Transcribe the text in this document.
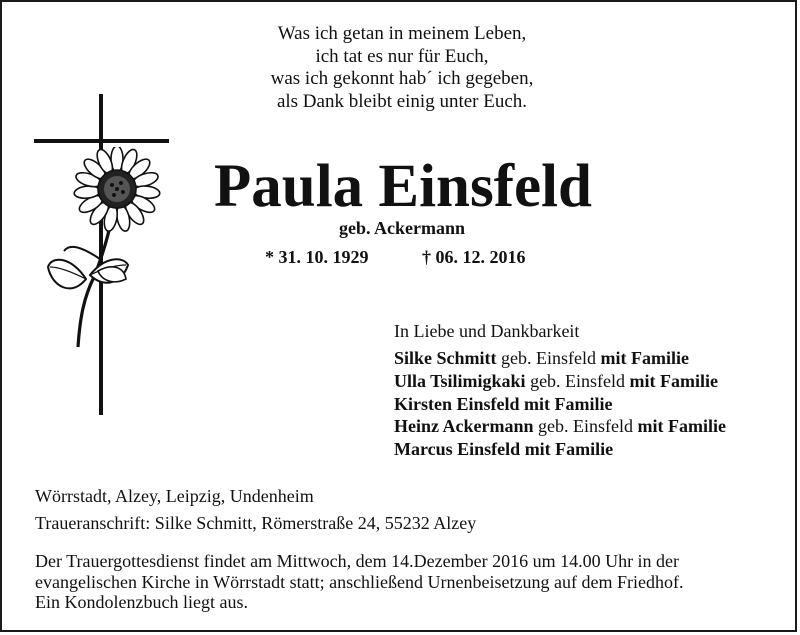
Was ich getan in meinem Leben,
ich tat es nur für Euch,
was ich gekonnt hab´ ich gegeben,
als Dank bleibt einig unter Euch.
Paula Einsfeld
geb. Ackermann
* 31. 10. 1929	† 06. 12. 2016
In Liebe und Dankbarkeit
Silke Schmitt geb. Einsfeld mit Familie
Ulla Tsilimigkaki geb. Einsfeld mit Familie
Kirsten Einsfeld mit Familie
Heinz Ackermann geb. Einsfeld mit Familie
Marcus Einsfeld mit Familie
Wörrstadt, Alzey, Leipzig, Undenheim
Traueranschrift: Silke Schmitt, Römerstraße 24, 55232 Alzey
Der Trauergottesdienst findet am Mittwoch, dem 14.Dezember 2016 um 14.00 Uhr in der
evangelischen Kirche in Wörrstadt statt; anschließend Urnenbeisetzung auf dem Friedhof.
Ein Kondolenzbuch liegt aus.
